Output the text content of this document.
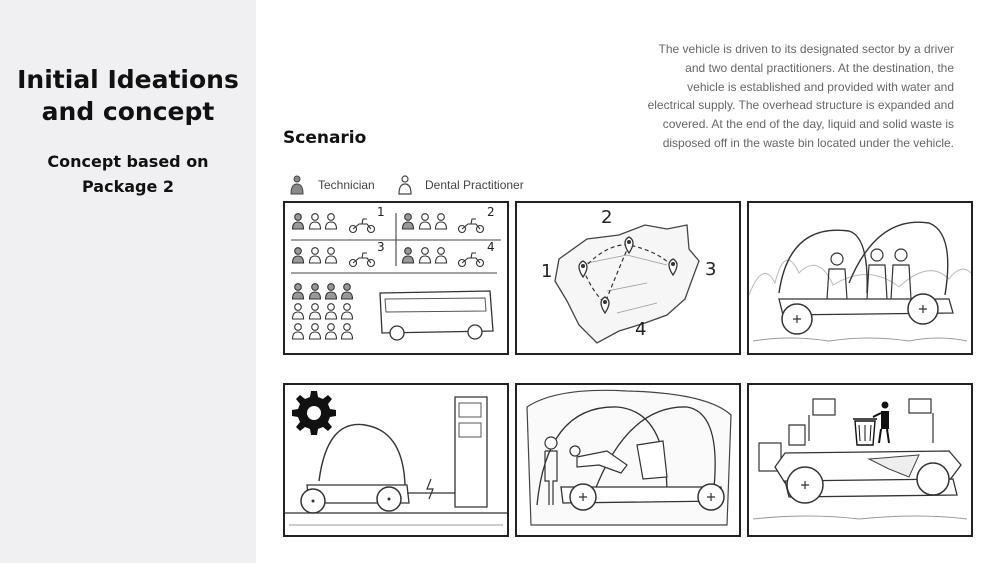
Initial Ideations
and concept
Concept based on
Package 2
The vehicle is driven to its designated sector by a driver
and two dental practitioners. At the destination, the
vehicle is established and provided with water and
electrical supply. The overhead structure is expanded and
covered. At the end of the day, liquid and solid waste is
disposed off in the waste bin located under the vehicle.
Scenario
Technician	Dental Practitioner
1	2
3	4
1
2
3
4
